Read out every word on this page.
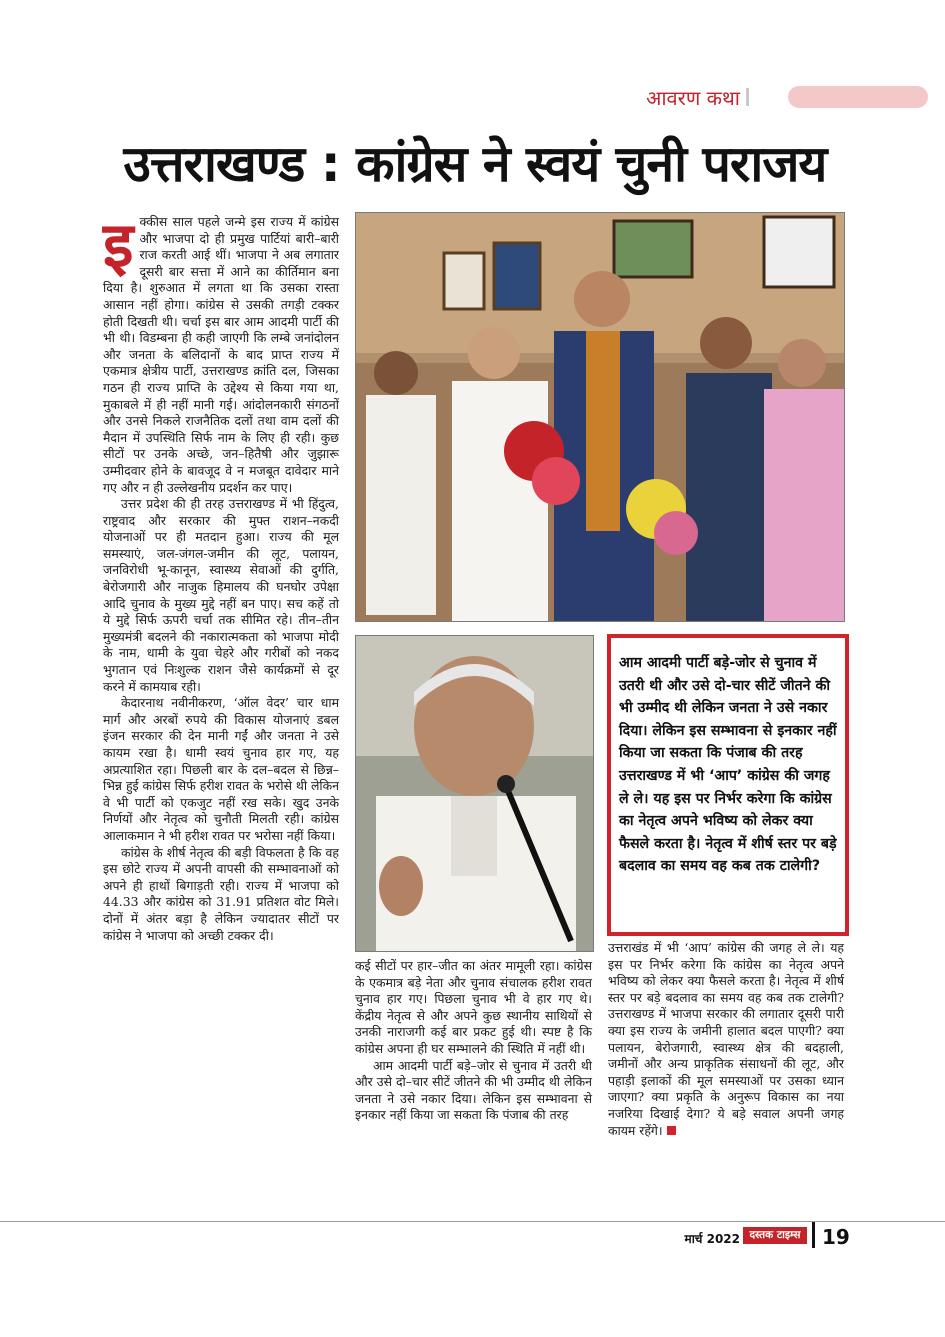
आवरण कथा
उत्तराखण्ड : कांग्रेस ने स्वयं चुनी पराजय
इ क्कीस साल पहले जन्मे इस राज्य में कांग्रेस और भाजपा दो ही प्रमुख पार्टियां बारी–बारी राज करती आई थीं। भाजपा ने अब लगातार दूसरी बार सत्ता में आने का कीर्तिमान बना दिया है। शुरुआत में लगता था कि उसका रास्ता आसान नहीं होगा। कांग्रेस से उसकी तगड़ी टक्कर होती दिखती थी। चर्चा इस बार आम आदमी पार्टी की भी थी। विडम्बना ही कही जाएगी कि लम्बे जनांदोलन और जनता के बलिदानों के बाद प्राप्त राज्य में एकमात्र क्षेत्रीय पार्टी, उत्तराखण्ड क्रांति दल, जिसका गठन ही राज्य प्राप्ति के उद्देश्य से किया गया था, मुकाबले में ही नहीं मानी गई। आंदोलनकारी संगठनों और उनसे निकले राजनैतिक दलों तथा वाम दलों की मैदान में उपस्थिति सिर्फ नाम के लिए ही रही। कुछ सीटों पर उनके अच्छे, जन–हितैषी और जुझारू उम्मीदवार होने के बावजूद वे न मजबूत दावेदार माने गए और न ही उल्लेखनीय प्रदर्शन कर पाए।

उत्तर प्रदेश की ही तरह उत्तराखण्ड में भी हिंदुत्व, राष्ट्रवाद और सरकार की मुफ्त राशन–नकदी योजनाओं पर ही मतदान हुआ। राज्य की मूल समस्याएं, जल-जंगल-जमीन की लूट, पलायन, जनविरोधी भू-कानून, स्वास्थ्य सेवाओं की दुर्गति, बेरोजगारी और नाजुक हिमालय की घनघोर उपेक्षा आदि चुनाव के मुख्य मुद्दे नहीं बन पाए। सच कहें तो ये मुद्दे सिर्फ ऊपरी चर्चा तक सीमित रहे। तीन–तीन मुख्यमंत्री बदलने की नकारात्मकता को भाजपा मोदी के नाम, धामी के युवा चेहरे और गरीबों को नकद भुगतान एवं निःशुल्क राशन जैसे कार्यक्रमों से दूर करने में कामयाब रही।

केदारनाथ नवीनीकरण, ‘ऑल वेदर’ चार धाम मार्ग और अरबों रुपये की विकास योजनाएं डबल इंजन सरकार की देन मानी गईं और जनता ने उसे कायम रखा है। धामी स्वयं चुनाव हार गए, यह अप्रत्याशित रहा। पिछली बार के दल–बदल से छिन्न–भिन्न हुई कांग्रेस सिर्फ हरीश रावत के भरोसे थी लेकिन वे भी पार्टी को एकजुट नहीं रख सके। खुद उनके निर्णयों और नेतृत्व को चुनौती मिलती रही। कांग्रेस आलाकमान ने भी हरीश रावत पर भरोसा नहीं किया।

कांग्रेस के शीर्ष नेतृत्व की बड़ी विफलता है कि वह इस छोटे राज्य में अपनी वापसी की सम्भावनाओं को अपने ही हाथों बिगाड़ती रही। राज्य में भाजपा को 44.33 और कांग्रेस को 31.91 प्रतिशत वोट मिले। दोनों में अंतर बड़ा है लेकिन ज्यादातर सीटों पर कांग्रेस ने भाजपा को अच्छी टक्कर दी।

आम आदमी पार्टी बड़े-जोर से चुनाव में उतरी थी और उसे दो-चार सीटें जीतने की भी उम्मीद थी लेकिन जनता ने उसे नकार दिया। लेकिन इस सम्भावना से इनकार नहीं किया जा सकता कि पंजाब की तरह उत्तराखण्ड में भी ‘आप’ कांग्रेस की जगह ले ले। यह इस पर निर्भर करेगा कि कांग्रेस का नेतृत्व अपने भविष्य को लेकर क्या फैसले करता है। नेतृत्व में शीर्ष स्तर पर बड़े बदलाव का समय वह कब तक टालेगी?

कई सीटों पर हार–जीत का अंतर मामूली रहा। कांग्रेस के एकमात्र बड़े नेता और चुनाव संचालक हरीश रावत चुनाव हार गए। पिछला चुनाव भी वे हार गए थे। केंद्रीय नेतृत्व से और अपने कुछ स्थानीय साथियों से उनकी नाराजगी कई बार प्रकट हुई थी। स्पष्ट है कि कांग्रेस अपना ही घर सम्भालने की स्थिति में नहीं थी।

आम आदमी पार्टी बड़े–जोर से चुनाव में उतरी थी और उसे दो–चार सीटें जीतने की भी उम्मीद थी लेकिन जनता ने उसे नकार दिया। लेकिन इस सम्भावना से इनकार नहीं किया जा सकता कि पंजाब की तरह

उत्तराखंड में भी ‘आप’ कांग्रेस की जगह ले ले। यह इस पर निर्भर करेगा कि कांग्रेस का नेतृत्व अपने भविष्य को लेकर क्या फैसले करता है। नेतृत्व में शीर्ष स्तर पर बड़े बदलाव का समय वह कब तक टालेगी? उत्तराखण्ड में भाजपा सरकार की लगातार दूसरी पारी क्या इस राज्य के जमीनी हालात बदल पाएगी? क्या पलायन, बेरोजगारी, स्वास्थ्य क्षेत्र की बदहाली, जमीनों और अन्य प्राकृतिक संसाधनों की लूट, और पहाड़ी इलाकों की मूल समस्याओं पर उसका ध्यान जाएगा? क्या प्रकृति के अनुरूप विकास का नया नजरिया दिखाई देगा? ये बड़े सवाल अपनी जगह कायम रहेंगे।

मार्च 2022 दस्तक टाइम्स	19
